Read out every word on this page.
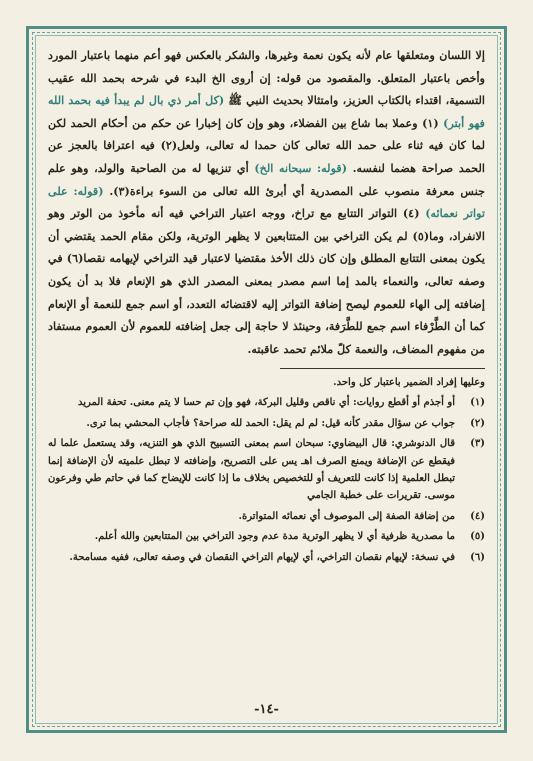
إلا اللسان ومتعلقها عام لأنه يكون نعمة وغيرها، والشكر بالعكس فهو أعم منهما باعتبار المورد وأخص باعتبار المتعلق. والمقصود من قوله: إن أروى الخ البدء في شرحه بحمد الله عقيب التسمية، اقتداء بالكتاب العزيز، وامتثالا بحديث النبي ﷺ (كل أمر ذي بال لم يبدأ فيه بحمد الله فهو أبتر) (١) وعملا بما شاع بين الفضلاء، وهو وإن كان إخبارا عن حكم من أحكام الحمد لكن لما كان فيه ثناء على حمد الله تعالى كان حمدا له تعالى، ولعل(٢) فيه اعترافا بالعجز عن الحمد صراحة هضما لنفسه. (قوله: سبحانه الخ) أي تنزيها له من الصاحبة والولد، وهو علم جنس معرفة منصوب على المصدرية أي أبرئ الله تعالى من السوء براءة(٣). (قوله: على تواتر نعمائه) (٤) التواتر التتابع مع تراخ، ووجه اعتبار التراخي فيه أنه مأخوذ من الوتر وهو الانفراد، وما(٥) لم يكن التراخي بين المتتابعين لا يظهر الوترية، ولكن مقام الحمد يقتضي أن يكون بمعنى التتابع المطلق وإن كان ذلك الأخذ مقتضيا لاعتبار قيد التراخي لإيهامه نقصا(٦) في وصفه تعالى، والنعماء بالمد إما اسم مصدر بمعنى المصدر الذي هو الإنعام فلا بد أن يكون إضافته إلى الهاء للعموم ليصح إضافة التواتر إليه لاقتضائه التعدد، أو اسم جمع للنعمة أو الإنعام كما أن الطَّرْفاء اسم جمع للطَّرَفة، وحينئذ لا حاجة إلى جعل إضافته للعموم لأن العموم مستفاد من مفهوم المضاف، والنعمة كلّ ملائم تحمد عاقبته.

وعليها إفراد الضمير باعتبار كل واحد.

(١)
أو أجذم أو أقطع روايات: أي ناقص وقليل البركة، فهو وإن تم حسا لا يتم معنى. تحفة المريد
(٢)
جواب عن سؤال مقدر كأنه قيل: لم لم يقل: الحمد لله صراحة؟ فأجاب المحشي بما ترى.
(٣)
قال الدنوشري: قال البيضاوي: سبحان اسم بمعنى التسبيح الذي هو التنزيه، وقد يستعمل علما له فيقطع عن الإضافة ويمنع الصرف اهـ يس على التصريح، وإضافته لا تبطل علميته لأن الإضافة إنما تبطل العلمية إذا كانت للتعريف أو للتخصيص بخلاف ما إذا كانت للإيضاح كما في حاتم طي وفرعون موسى. تقريرات على خطبة الجامي
(٤)
من إضافة الصفة إلى الموصوف أي نعمائه المتواترة.
(٥)
ما مصدرية ظرفية أي لا يظهر الوترية مدة عدم وجود التراخي بين المتتابعين والله أعلم.
(٦)
في نسخة: لإيهام نقصان التراخي، أي لإيهام التراخي النقصان في وصفه تعالى، ففيه مسامحة.
-١٤-
